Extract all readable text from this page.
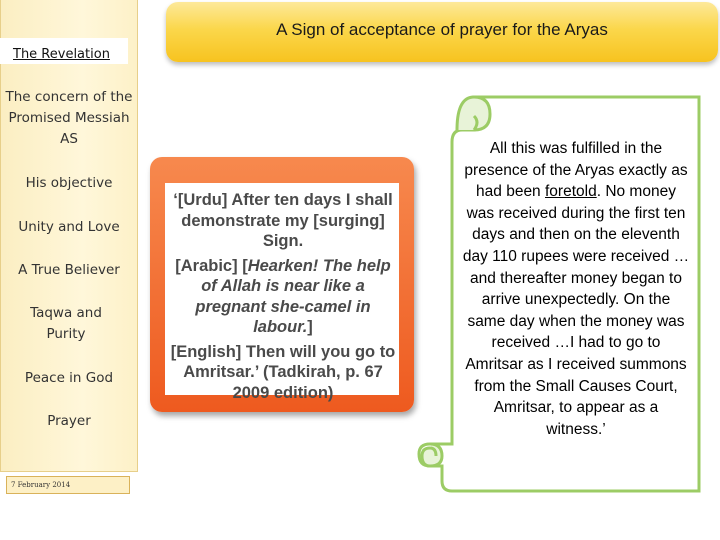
The Revelation
The concern of the Promised Messiah AS
His objective
Unity and Love
A True Believer
Taqwa and Purity
Peace in God
Prayer
7 February 2014
A Sign of acceptance of prayer for the Aryas

‘[Urdu] After ten days I shall demonstrate my [surging] Sign.

[Arabic] [Hearken! The help of Allah is near like a pregnant she-camel in labour.]

[English] Then will you go to Amritsar.’ (Tadkirah, p. 67 2009 edition)

All this was fulfilled in the presence of the Aryas exactly as had been foretold. No money was received during the first ten days and then on the eleventh day 110 rupees were received …and thereafter money began to arrive unexpectedly. On the same day when the money was received …I had to go to Amritsar as I received summons from the Small Causes Court, Amritsar, to appear as a witness.’
